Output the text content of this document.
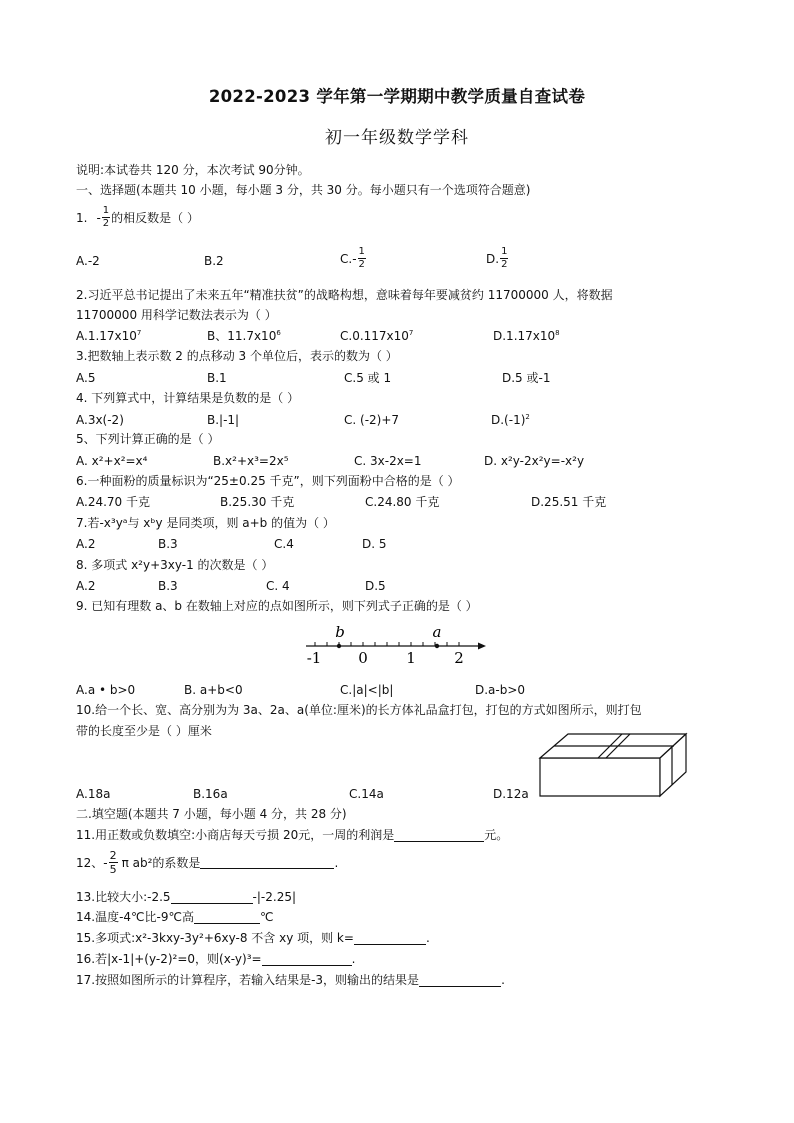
2022-2023 学年第一学期期中教学质量自查试卷
初一年级数学学科
说明:本试卷共 120 分，本次考试 90分钟。
一、选择题(本题共 10 小题，每小题 3 分，共 30 分。每小题只有一个选项符合题意)
1. - $\frac{1}{2}$ 的相反数是（ ）
A.-2	B.2	$C.- \frac{1}{2}$	D. $\frac{1}{2}$
2.习近平总书记提出了未来五年“精准扶贫”的战略构想，意味着每年要减贫约 11700000 人，将数据
11700000 用科学记数法表示为（ ）
$A.1.17x10^7$	B、$11.7x10^6$	$C.0.117x10^7$	$D.1.17x10^8$
3.把数轴上表示数 2 的点移动 3 个单位后，表示的数为（ ）
A.5	B.1	C.5 或 1	D.5 或-1
4. 下列算式中，计算结果是负数的是（ ）
A.3x(-2)	B.|-1|	C. (-2)+7	$D.(-1)^2$
5、下列计算正确的是（ ）
A. x²+x²=x⁴	B.x²+x³=2x⁵	C. 3x-2x=1	D. x²y-2x²y=-x²y
6.一种面粉的质量标识为“25±0.25 千克”，则下列面粉中合格的是（ ）
A.24.70 千克	B.25.30 千克	C.24.80 千克	D.25.51 千克
7.若-x³yᵃ与 xᵇy 是同类项，则 a+b 的值为（ ）
A.2	B.3	C.4	D. 5
8. 多项式 x²y+3xy-1 的次数是（ ）
A.2	B.3	C. 4	D.5
9. 已知有理数 a、b 在数轴上对应的点如图所示，则下列式子正确的是（ ）
b	a
-1 0	1	2
A.a • b>0	B. a+b<0	C.|a|<|b|	D.a-b>0
10.给一个长、宽、高分别为为 3a、2a、a(单位:厘米)的长方体礼品盒打包，打包的方式如图所示，则打包
带的长度至少是（ ）厘米
A.18a	B.16a	C.14a	D.12a
二.填空题(本题共 7 小题，每小题 4 分，共 28 分)
11.用正数或负数填空:小商店每天亏损 20元，一周的利润是	元。
12、- $\frac{2}{5}$ π ab²的系数是
	.
13.比较大小:-2.5	-|-2.25|
14.温度-4℃比-9℃高	℃
15.多项式:x²-3kxy-3y²+6xy-8 不含 xy 项，则 k=	.
16.若|x-1|+(y-2)²=0，则(x-y)³=	.
17.按照如图所示的计算程序，若输入结果是-3，则输出的结果是	.
